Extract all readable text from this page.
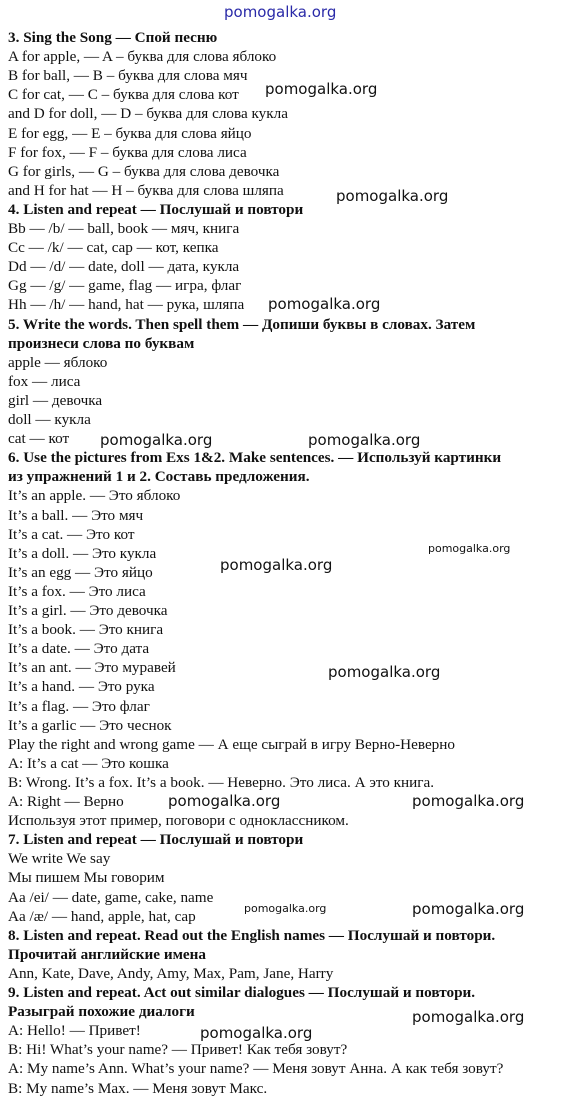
pomogalka.org
3. Sing the Song — Спой песню
A for apple, — A – буква для слова яблоко
B for ball, — B – буква для слова мяч
C for cat, — C – буква для слова кот
and D for doll, — D – буква для слова кукла
E for egg, — E – буква для слова яйцо
F for fox, — F – буква для слова лиса
G for girls, — G – буква для слова девочка
and H for hat — H – буква для слова шляпа
4. Listen and repeat — Послушай и повтори
Bb — /b/ — ball, book — мяч, книга
Cc — /k/ — cat, cap — кот, кепка
Dd — /d/ — date, doll — дата, кукла
Gg — /g/ — game, flag — игра, флаг
Hh — /h/ — hand, hat — рука, шляпа
5. Write the words. Then spell them — Допиши буквы в словах. Затем
произнеси слова по буквам
apple — яблоко
fox — лиса
girl — девочка
doll — кукла
cat — кот
6. Use the pictures from Exs 1&2. Make sentences. — Используй картинки
из упражнений 1 и 2. Составь предложения.
It’s an apple. — Это яблоко
It’s a ball. — Это мяч
It’s a cat. — Это кот
It’s a doll. — Это кукла
It’s an egg — Это яйцо
It’s a fox. — Это лиса
It’s a girl. — Это девочка
It’s a book. — Это книга
It’s a date. — Это дата
It’s an ant. — Это муравей
It’s a hand. — Это рука
It’s a flag. — Это флаг
It’s a garlic — Это чеснок
Play the right and wrong game — А еще сыграй в игру Верно-Неверно
A: It’s a cat — Это кошка
B: Wrong. It’s a fox. It’s a book. — Неверно. Это лиса. А это книга.
A: Right — Верно
Используя этот пример, поговори с одноклассником.
7. Listen and repeat — Послушай и повтори
We write We say
Мы пишем Мы говорим
Aa /ei/ — date, game, cake, name
Aa /æ/ — hand, apple, hat, cap
8. Listen and repeat. Read out the English names — Послушай и повтори.
Прочитай английские имена
Ann, Kate, Dave, Andy, Amy, Max, Pam, Jane, Harry
9. Listen and repeat. Act out similar dialogues — Послушай и повтори.
Разыграй похожие диалоги
A: Hello! — Привет!
B: Hi! What’s your name? — Привет! Как тебя зовут?
A: My name’s Ann. What’s your name? — Меня зовут Анна. А как тебя зовут?
B: My name’s Max. — Меня зовут Макс.
pomogalka.org
pomogalka.org
pomogalka.org
pomogalka.org	pomogalka.org
pomogalka.org
pomogalka.org
pomogalka.org
pomogalka.org	pomogalka.org
pomogalka.org	pomogalka.org
pomogalka.org
pomogalka.org
